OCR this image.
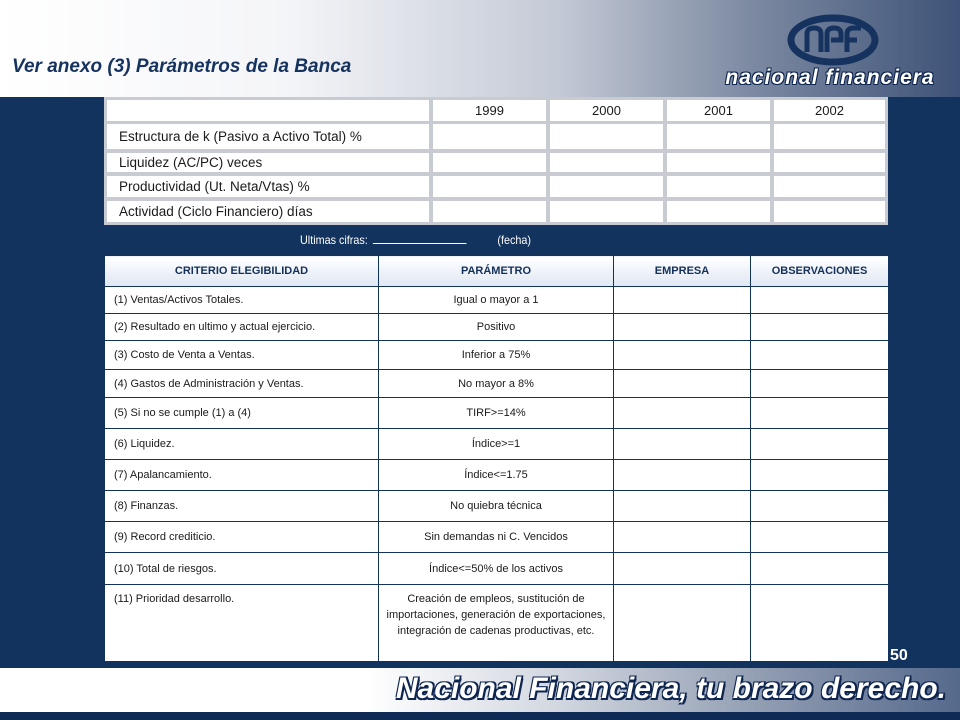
Ver anexo (3) Parámetros de la Banca	nacional financiera
1999	2000	2001	2002
Estructura de k (Pasivo a Activo Total) %
Liquidez (AC/PC) veces
Productividad (Ut. Neta/Vtas) %
Actividad (Ciclo Financiero) días
Ultimas cifras:	(fecha)
CRITERIO ELEGIBILIDAD	PARÁMETRO	EMPRESA	OBSERVACIONES
(1) Ventas/Activos Totales.	Igual o mayor a 1		
(2) Resultado en ultimo y actual ejercicio.	Positivo		
(3) Costo de Venta a Ventas.	Inferior a 75%		
(4) Gastos de Administración y Ventas.	No mayor a 8%		
(5) Si no se cumple (1) a (4)	TIRF>=14%		
(6) Liquidez.	Índice>=1		
(7) Apalancamiento.	Índice<=1.75		
(8) Finanzas.	No quiebra técnica		
(9) Record crediticio.	Sin demandas ni C. Vencidos		
(10) Total de riesgos.	Índice<=50% de los activos		
(11) Prioridad desarrollo.	Creación de empleos, sustitución de importaciones, generación de exportaciones, integración de cadenas productivas, etc.		
50
Nacional Financiera, tu brazo derecho.
